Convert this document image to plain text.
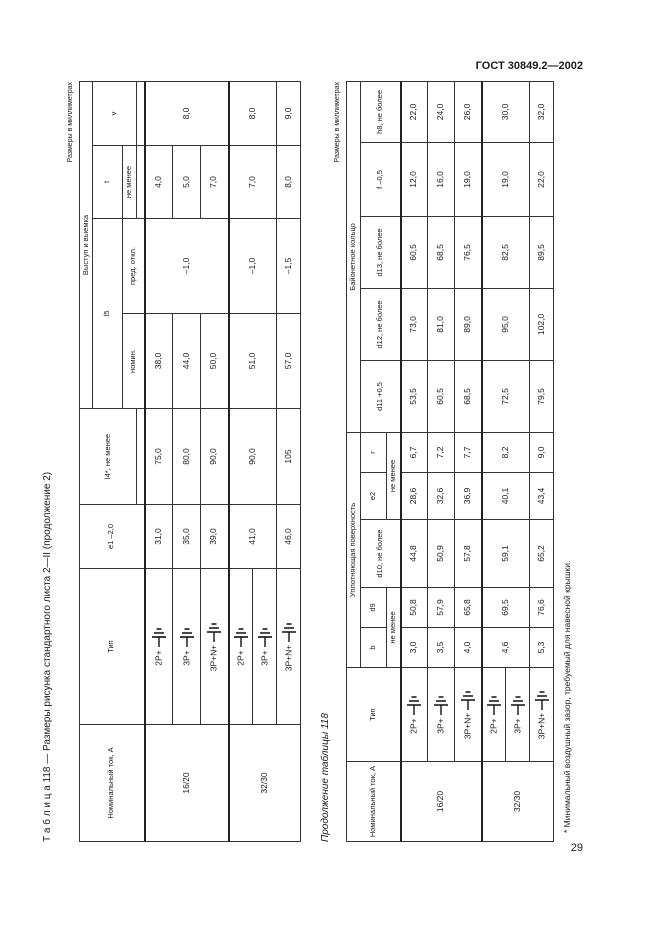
ГОСТ 30849.2—2002
Т а б л и ц а 118 — Размеры рисунка стандартного листа 2—II (продолжение 2)
Размеры в миллиметрах
Номинальный ток, А	Тип	e1 –2,0	l4*, не менее	Выступ и выемка			
				l5		t	v
				номин.	пред. откл.	не менее	

16/20	2P+	31,0	75,0	38,0	–1,0	4,0	8,0
	3P+	35,0	80,0	44,0		5,0	
	3P+N+	39,0	90,0	50,0		7,0	
32/30	2P+	41,0	90,0	51,0	–1,0	7,0	8,0
	3P+						
	3P+N+	46,0	105	57,0	–1,5	8,0	9,0
Продолжение таблицы 118
Размеры в миллиметрах
Номинальный ток, А	Тип	Уплотняющая поверхность					Байонетное кольцо				
		b	d9	d10, не более	e2	r	d11 +0,5	d12, не более	d13, не более	f –0,5	h8, не более
		не менее			не менее						
16/20	2P+	3,0	50,8	44,8	28,6	6,7	53,5	73,0	60,5	12,0	22,0
	3P+	3,5	57,9	50,9	32,6	7,2	60,5	81,0	68,5	16,0	24,0
	3P+N+	4,0	65,8	57,8	36,9	7,7	68,5	89,0	76,5	19,0	26,0
32/30	2P+	4,6	69,5	59,1	40,1	8,2	72,5	95,0	82,5	19,0	30,0
	3P+										
	3P+N+	5,3	76,6	65,2	43,4	9,0	79,5	102,0	89,5	22,0	32,0
* Минимальный воздушный зазор, требуемый для навесной крышки.
29
